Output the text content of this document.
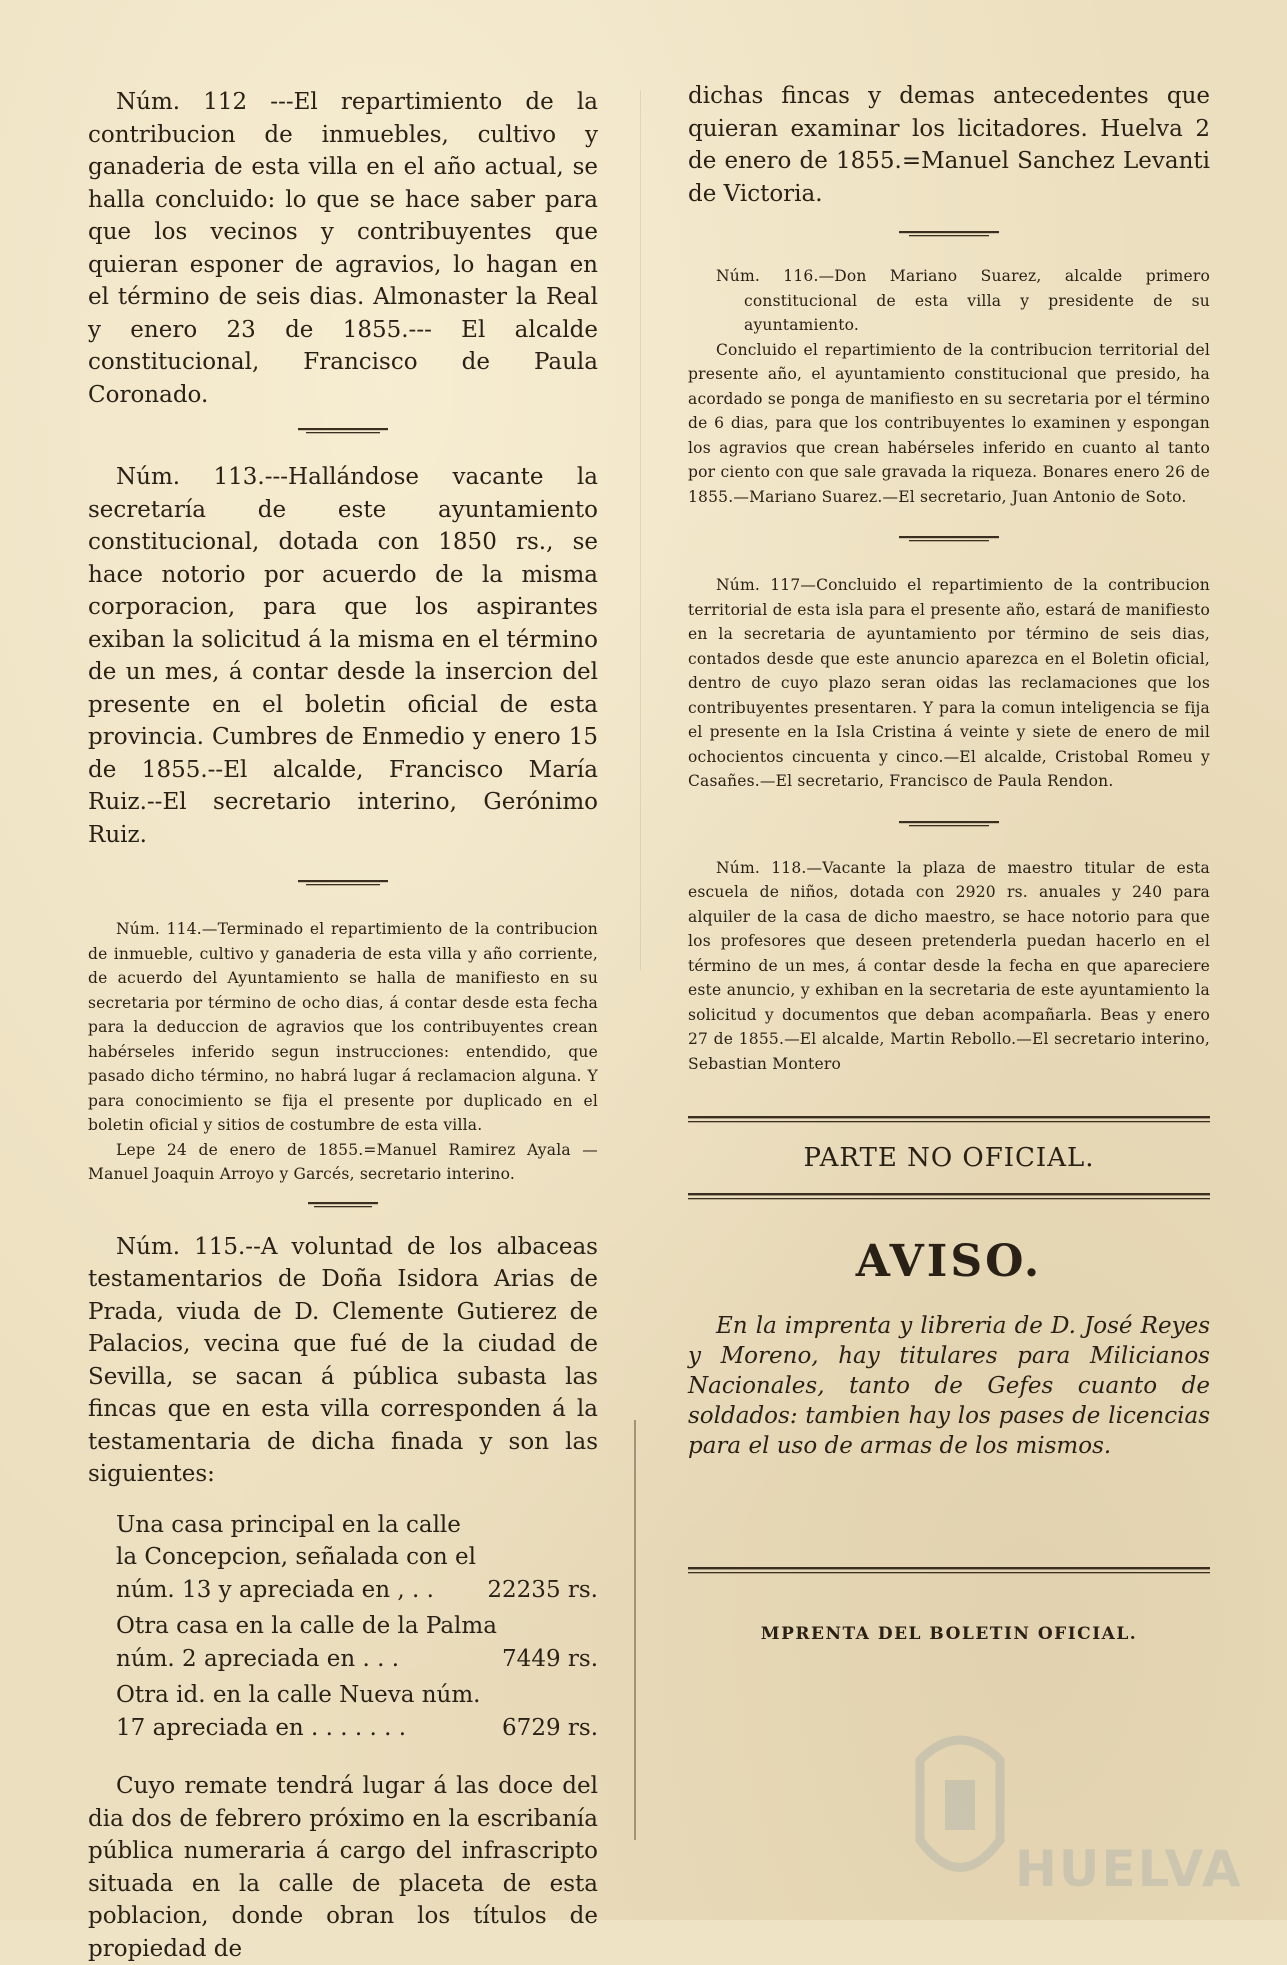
Núm. 112 ---El repartimiento de la contribucion de inmuebles, cultivo y ganaderia de esta villa en el año actual, se halla concluido: lo que se hace saber para que los vecinos y contribuyentes que quieran esponer de agravios, lo hagan en el término de seis dias. Almonaster la Real y enero 23 de 1855.--- El alcalde constitucional, Francisco de Paula Coronado.

Núm. 113.---Hallándose vacante la secretaría de este ayuntamiento constitucional, dotada con 1850 rs., se hace notorio por acuerdo de la misma corporacion, para que los aspirantes exiban la solicitud á la misma en el término de un mes, á contar desde la insercion del presente en el boletin oficial de esta provincia. Cumbres de Enmedio y enero 15 de 1855.--El alcalde, Francisco María Ruiz.--El secretario interino, Gerónimo Ruiz.

Núm. 114.—Terminado el repartimiento de la contribucion de inmueble, cultivo y ganaderia de esta villa y año corriente, de acuerdo del Ayuntamiento se halla de manifiesto en su secretaria por término de ocho dias, á contar desde esta fecha para la deduccion de agravios que los contribuyentes crean habérseles inferido segun instrucciones: entendido, que pasado dicho término, no habrá lugar á reclamacion alguna. Y para conocimiento se fija el presente por duplicado en el boletin oficial y sitios de costumbre de esta villa.

Lepe 24 de enero de 1855.=Manuel Ramirez Ayala —Manuel Joaquin Arroyo y Garcés, secretario interino.

Núm. 115.--A voluntad de los albaceas testamentarios de Doña Isidora Arias de Prada, viuda de D. Clemente Gutierez de Palacios, vecina que fué de la ciudad de Sevilla, se sacan á pública subasta las fincas que en esta villa corresponden á la testamentaria de dicha finada y son las siguientes:

Una casa principal en la calle la Concepcion, señalada con el núm. 13 y apreciada en , . .	22235 rs.
Otra casa en la calle de la Palma núm. 2 apreciada en . . .	7449 rs.
Otra id. en la calle Nueva núm. 17 apreciada en . . . . . . .	6729 rs.

Cuyo remate tendrá lugar á las doce del dia dos de febrero próximo en la escribanía pública numeraria á cargo del infrascripto situada en la calle de placeta de esta poblacion, donde obran los títulos de propiedad de

dichas fincas y demas antecedentes que quieran examinar los licitadores. Huelva 2 de enero de 1855.=Manuel Sanchez Levanti de Victoria.

Núm. 116.—Don Mariano Suarez, alcalde primero constitucional de esta villa y presidente de su ayuntamiento.

Concluido el repartimiento de la contribucion territorial del presente año, el ayuntamiento constitucional que presido, ha acordado se ponga de manifiesto en su secretaria por el término de 6 dias, para que los contribuyentes lo examinen y espongan los agravios que crean habérseles inferido en cuanto al tanto por ciento con que sale gravada la riqueza. Bonares enero 26 de 1855.—Mariano Suarez.—El secretario, Juan Antonio de Soto.

Núm. 117—Concluido el repartimiento de la contribucion territorial de esta isla para el presente año, estará de manifiesto en la secretaria de ayuntamiento por término de seis dias, contados desde que este anuncio aparezca en el Boletin oficial, dentro de cuyo plazo seran oidas las reclamaciones que los contribuyentes presentaren. Y para la comun inteligencia se fija el presente en la Isla Cristina á veinte y siete de enero de mil ochocientos cincuenta y cinco.—El alcalde, Cristobal Romeu y Casañes.—El secretario, Francisco de Paula Rendon.

Núm. 118.—Vacante la plaza de maestro titular de esta escuela de niños, dotada con 2920 rs. anuales y 240 para alquiler de la casa de dicho maestro, se hace notorio para que los profesores que deseen pretenderla puedan hacerlo en el término de un mes, á contar desde la fecha en que apareciere este anuncio, y exhiban en la secretaria de este ayuntamiento la solicitud y documentos que deban acompañarla. Beas y enero 27 de 1855.—El alcalde, Martin Rebollo.—El secretario interino, Sebastian Montero

PARTE NO OFICIAL.

AVISO.

En la imprenta y libreria de D. José Reyes y Moreno, hay titulares para Milicianos Nacionales, tanto de Gefes cuanto de soldados: tambien hay los pases de licencias para el uso de armas de los mismos.

MPRENTA DEL BOLETIN OFICIAL.

HUELVA
